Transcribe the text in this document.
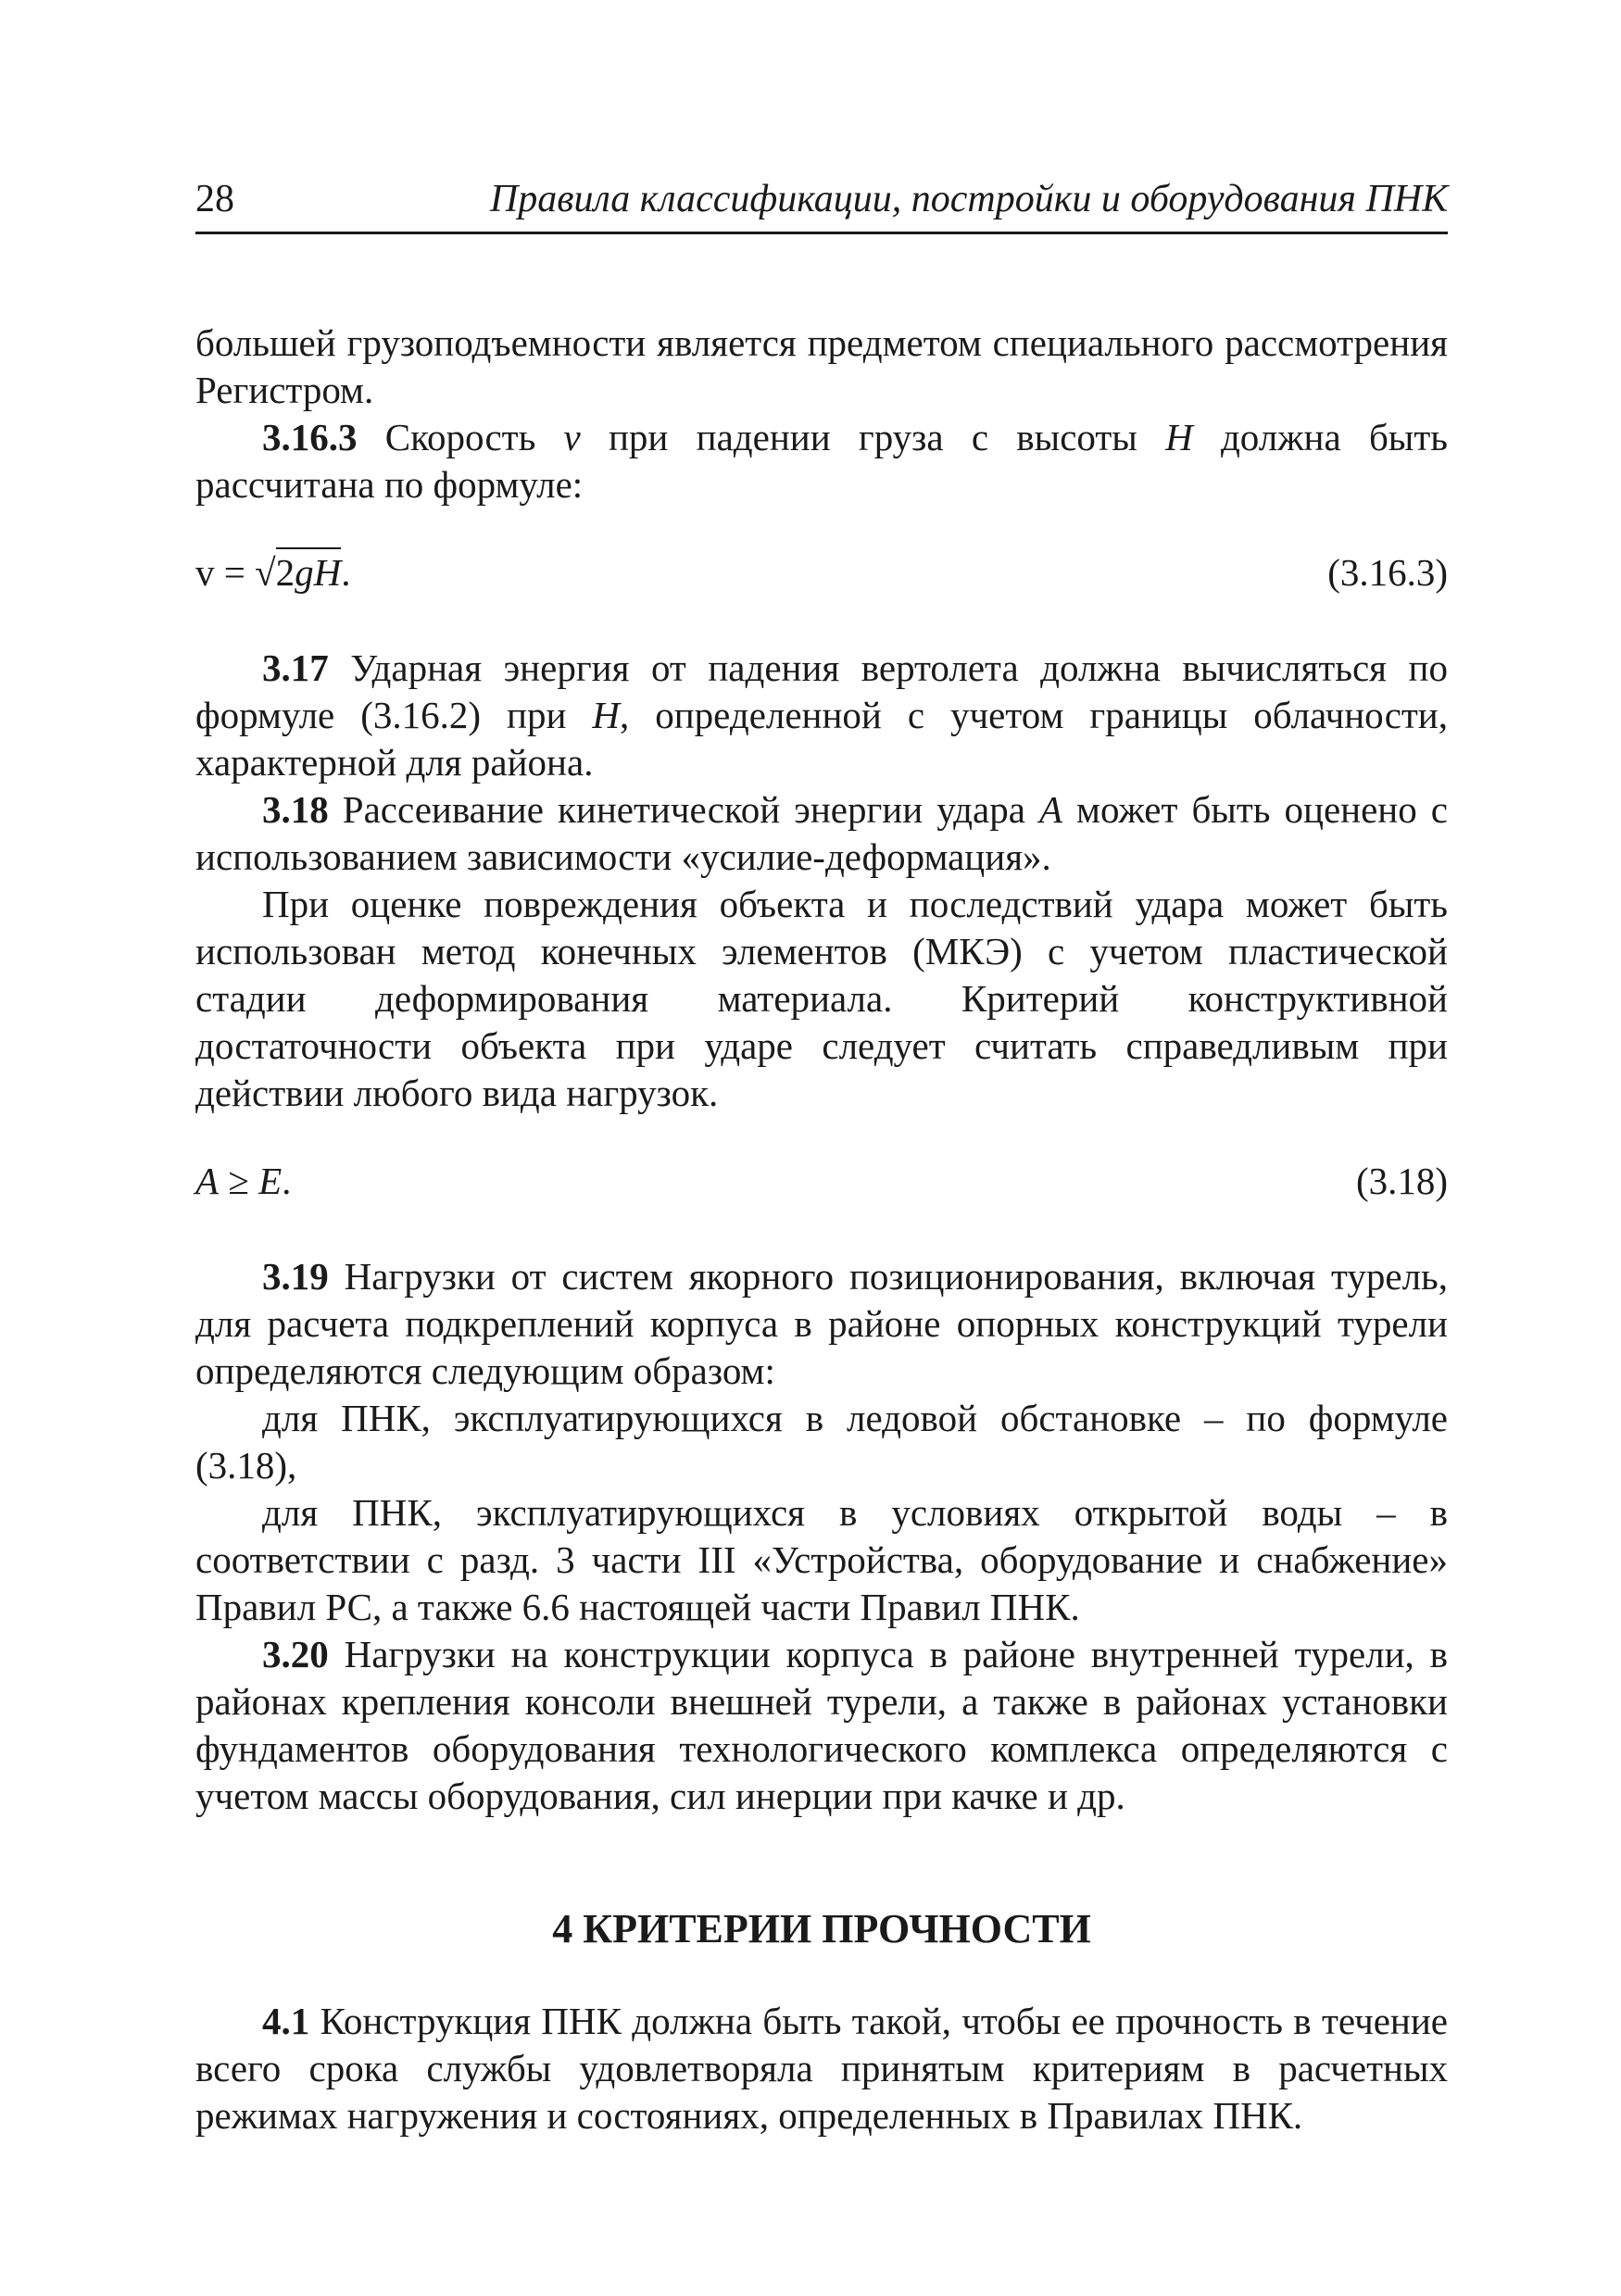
28	Правила классификации, постройки и оборудования ПНК

большей грузоподъемности является предметом специального рассмотрения Регистром.

3.16.3 Скорость v при падении груза с высоты H должна быть рассчитана по формуле:

v = √2gH.	(3.16.3)

3.17 Ударная энергия от падения вертолета должна вычисляться по формуле (3.16.2) при H, определенной с учетом границы облачности, характерной для района.

3.18 Рассеивание кинетической энергии удара A может быть оценено с использованием зависимости «усилие-деформация».

При оценке повреждения объекта и последствий удара может быть использован метод конечных элементов (МКЭ) с учетом пластической стадии деформирования материала. Критерий конструктивной достаточности объекта при ударе следует считать справедливым при действии любого вида нагрузок.

A ≥ E.	(3.18)

3.19 Нагрузки от систем якорного позиционирования, включая турель, для расчета подкреплений корпуса в районе опорных конструкций турели определяются следующим образом:

для ПНК, эксплуатирующихся в ледовой обстановке – по формуле (3.18),

для ПНК, эксплуатирующихся в условиях открытой воды – в соответствии с разд. 3 части III «Устройства, оборудование и снабжение» Правил РС, а также 6.6 настоящей части Правил ПНК.

3.20 Нагрузки на конструкции корпуса в районе внутренней турели, в районах крепления консоли внешней турели, а также в районах установки фундаментов оборудования технологического комплекса определяются с учетом массы оборудования, сил инерции при качке и др.

4 КРИТЕРИИ ПРОЧНОСТИ

4.1 Конструкция ПНК должна быть такой, чтобы ее прочность в течение всего срока службы удовлетворяла принятым критериям в расчетных режимах нагружения и состояниях, определенных в Правилах ПНК.
